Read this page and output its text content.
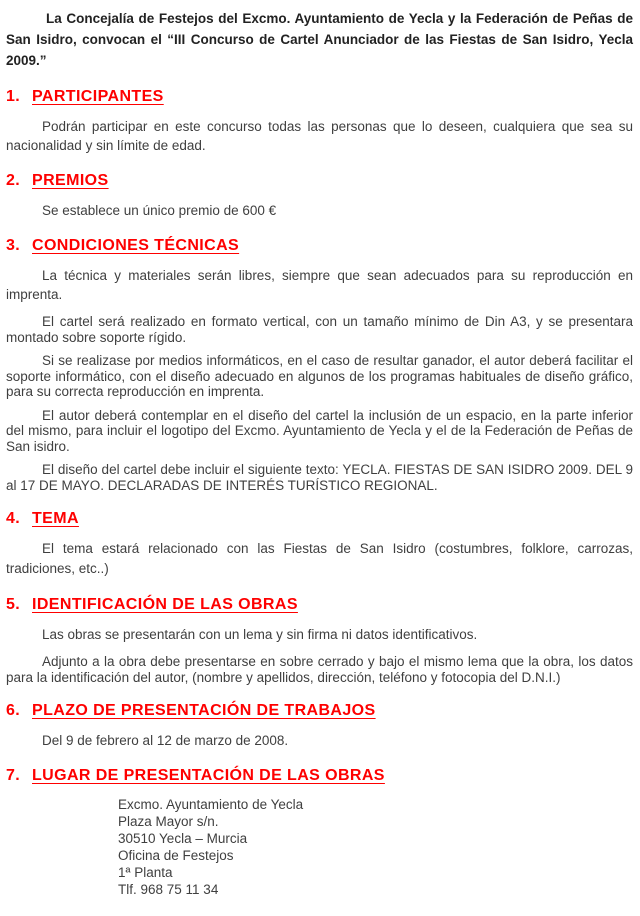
La Concejalía de Festejos del Excmo. Ayuntamiento de Yecla y la Federación de Peñas de San Isidro, convocan el “III Concurso de Cartel Anunciador de las Fiestas de San Isidro, Yecla 2009.”

1. PARTICIPANTES

Podrán participar en este concurso todas las personas que lo deseen, cualquiera que sea su nacionalidad y sin límite de edad.

2. PREMIOS

Se establece un único premio de 600 €

3. CONDICIONES TÉCNICAS

La técnica y materiales serán libres, siempre que sean adecuados para su reproducción en imprenta.

El cartel será realizado en formato vertical, con un tamaño mínimo de Din A3, y se presentara montado sobre soporte rígido.

Si se realizase por medios informáticos, en el caso de resultar ganador, el autor deberá facilitar el soporte informático, con el diseño adecuado en algunos de los programas habituales de diseño gráfico, para su correcta reproducción en imprenta.

El autor deberá contemplar en el diseño del cartel la inclusión de un espacio, en la parte inferior del mismo, para incluir el logotipo del Excmo. Ayuntamiento de Yecla y el de la Federación de Peñas de San isidro.

El diseño del cartel debe incluir el siguiente texto: YECLA. FIESTAS DE SAN ISIDRO 2009. DEL 9 al 17 DE MAYO. DECLARADAS DE INTERÉS TURÍSTICO REGIONAL.

4. TEMA

El tema estará relacionado con las Fiestas de San Isidro (costumbres, folklore, carrozas, tradiciones, etc..)

5. IDENTIFICACIÓN DE LAS OBRAS

Las obras se presentarán con un lema y sin firma ni datos identificativos.

Adjunto a la obra debe presentarse en sobre cerrado y bajo el mismo lema que la obra, los datos para la identificación del autor, (nombre y apellidos, dirección, teléfono y fotocopia del D.N.I.)

6. PLAZO DE PRESENTACIÓN DE TRABAJOS

Del 9 de febrero al 12 de marzo de 2008.

7. LUGAR DE PRESENTACIÓN DE LAS OBRAS
Excmo. Ayuntamiento de Yecla
Plaza Mayor s/n.
30510 Yecla – Murcia
Oficina de Festejos
1ª Planta
Tlf. 968 75 11 34
